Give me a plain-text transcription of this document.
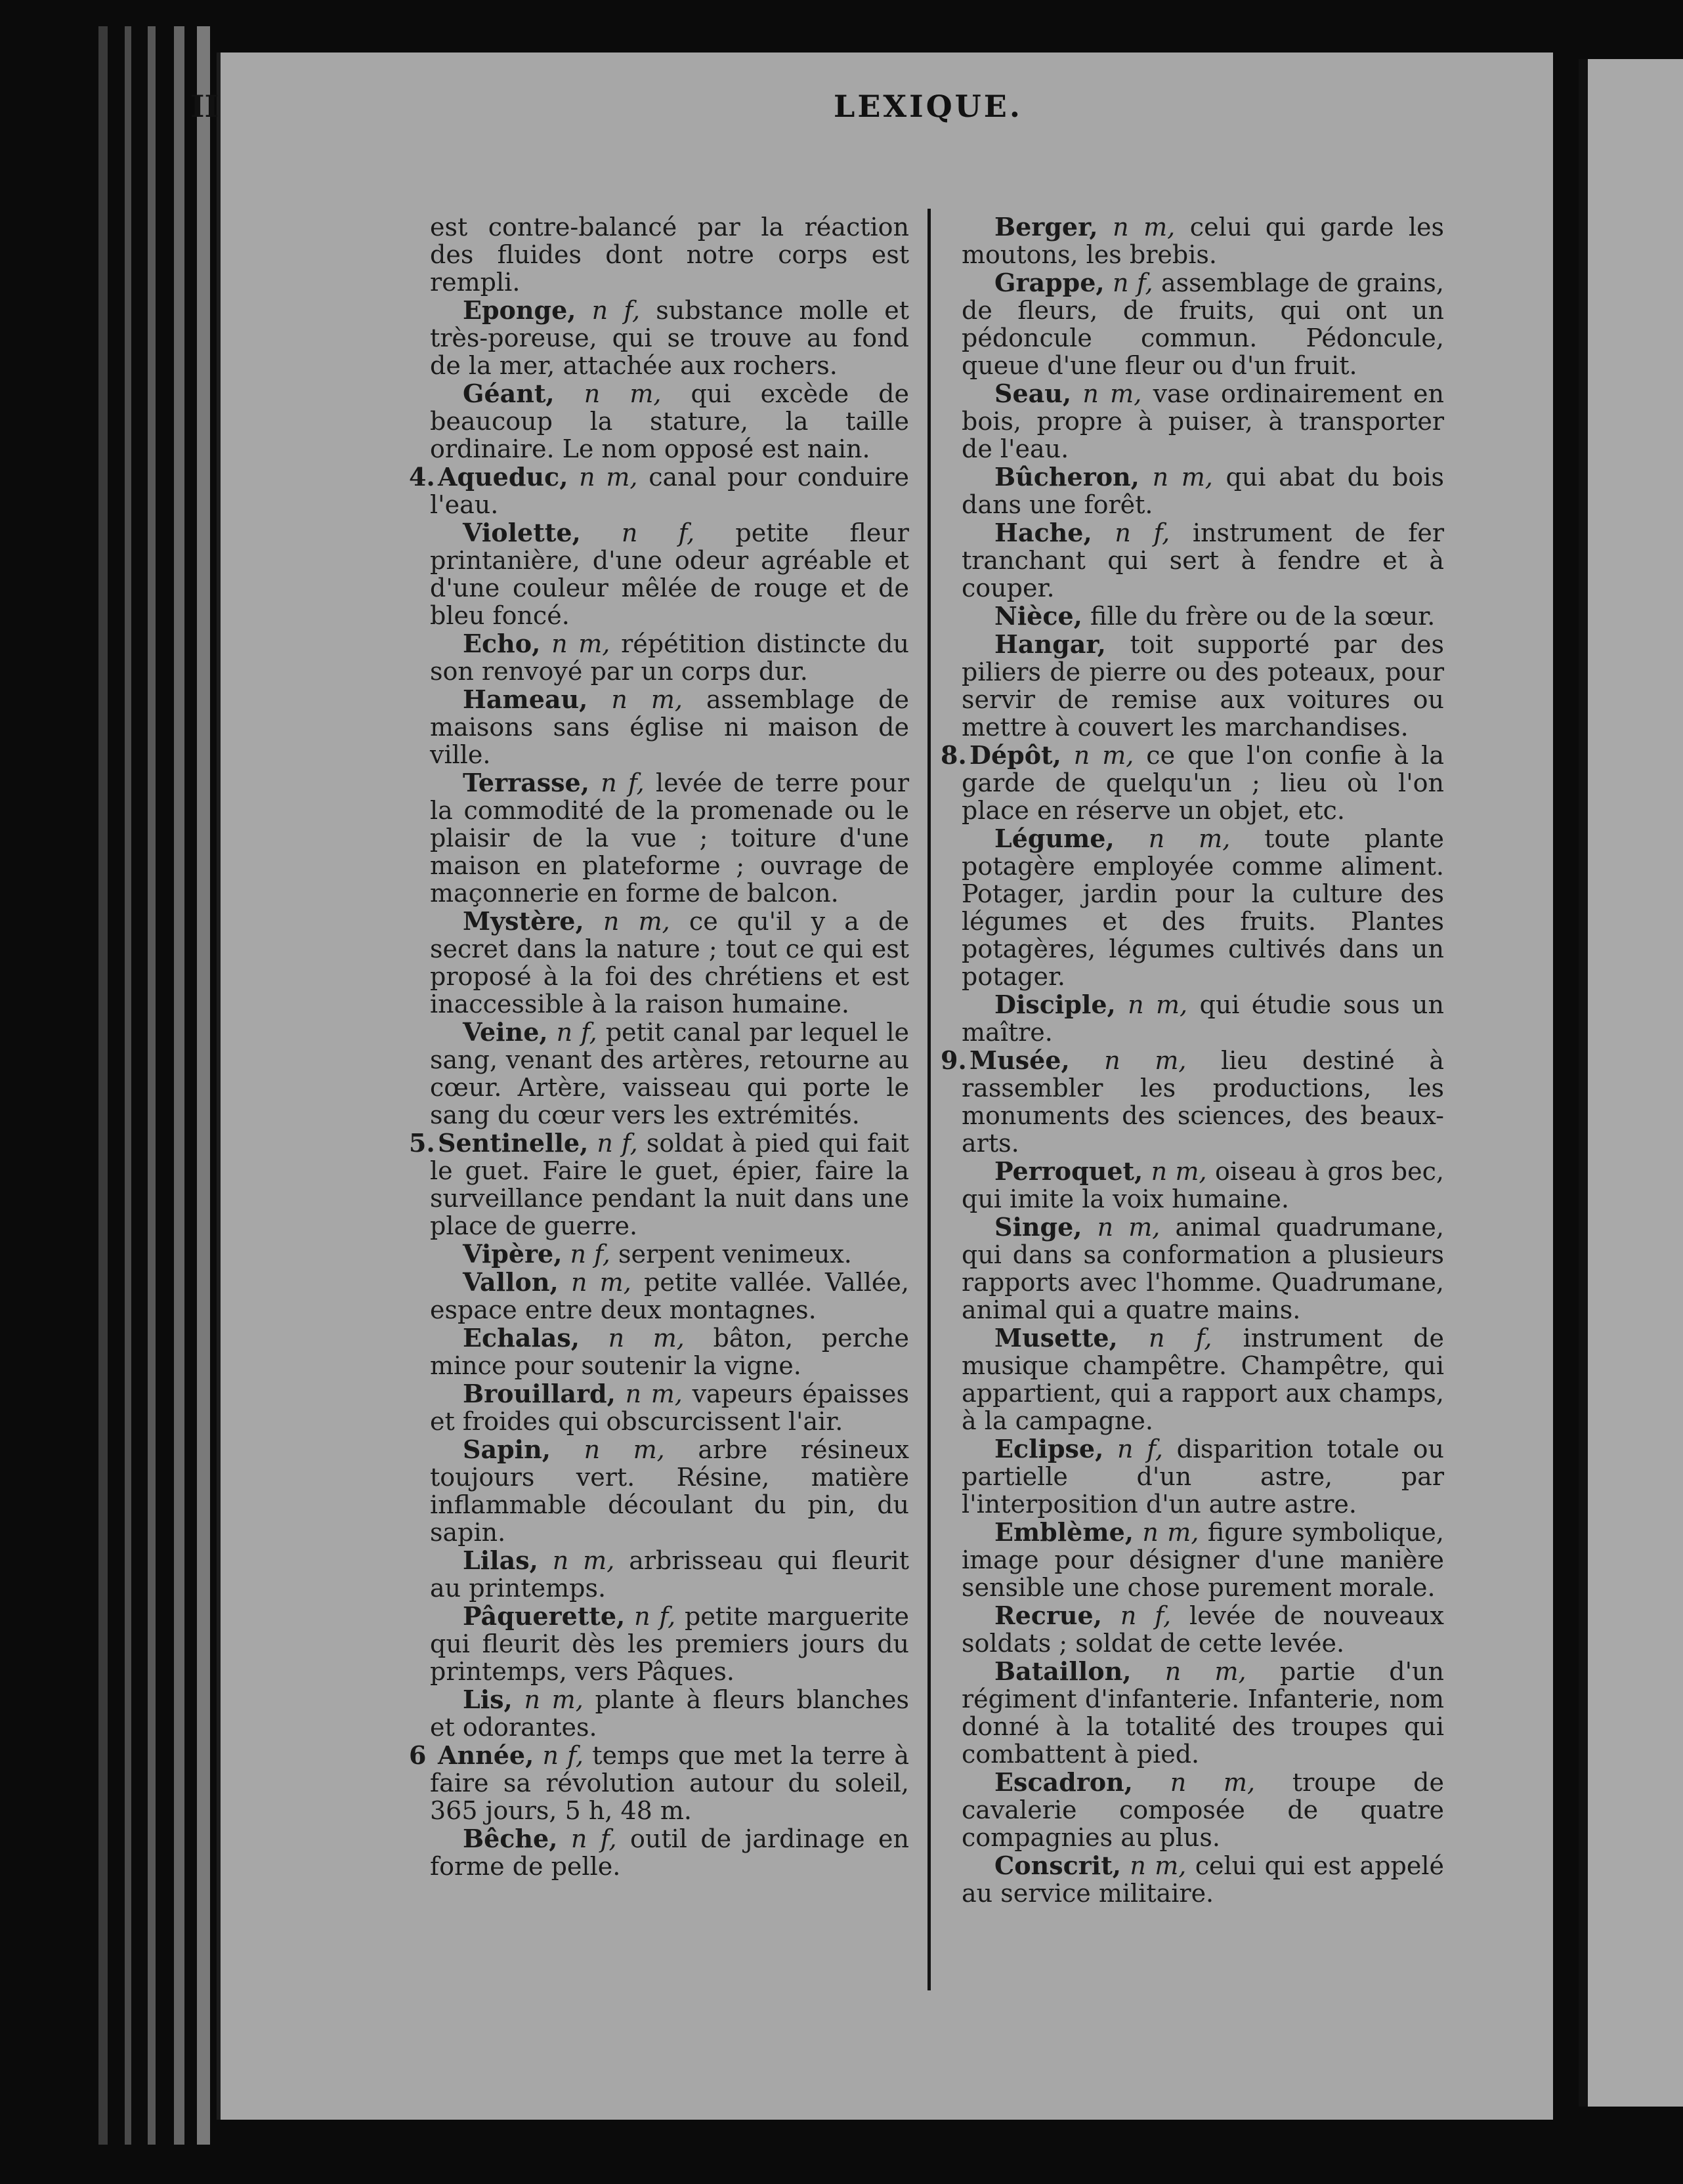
II	LEXIQUE.

est contre-balancé par la réaction des fluides dont notre corps est rempli.

Eponge, n f, substance molle et très-poreuse, qui se trouve au fond de la mer, attachée aux rochers.

Géant, n m, qui excède de beaucoup la stature, la taille ordinaire. Le nom opposé est nain.

4. Aqueduc, n m, canal pour conduire l'eau.

Violette, n f, petite fleur printanière, d'une odeur agréable et d'une couleur mêlée de rouge et de bleu foncé.

Echo, n m, répétition distincte du son renvoyé par un corps dur.

Hameau, n m, assemblage de maisons sans église ni maison de ville.

Terrasse, n f, levée de terre pour la commodité de la promenade ou le plaisir de la vue ; toiture d'une maison en plateforme ; ouvrage de maçonnerie en forme de balcon.

Mystère, n m, ce qu'il y a de secret dans la nature ; tout ce qui est proposé à la foi des chrétiens et est inaccessible à la raison humaine.

Veine, n f, petit canal par lequel le sang, venant des artères, retourne au cœur. Artère, vaisseau qui porte le sang du cœur vers les extrémités.

5. Sentinelle, n f, soldat à pied qui fait le guet. Faire le guet, épier, faire la surveillance pendant la nuit dans une place de guerre.

Vipère, n f, serpent venimeux.

Vallon, n m, petite vallée. Vallée, espace entre deux montagnes.

Echalas, n m, bâton, perche mince pour soutenir la vigne.

Brouillard, n m, vapeurs épaisses et froides qui obscurcissent l'air.

Sapin, n m, arbre résineux toujours vert. Résine, matière inflammable découlant du pin, du sapin.

Lilas, n m, arbrisseau qui fleurit au printemps.

Pâquerette, n f, petite marguerite qui fleurit dès les premiers jours du printemps, vers Pâques.

Lis, n m, plante à fleurs blanches et odorantes.

6 Année, n f, temps que met la terre à faire sa révolution autour du soleil, 365 jours, 5 h, 48 m.

Bêche, n f, outil de jardinage en forme de pelle.

Berger, n m, celui qui garde les moutons, les brebis.

Grappe, n f, assemblage de grains, de fleurs, de fruits, qui ont un pédoncule commun. Pédoncule, queue d'une fleur ou d'un fruit.

Seau, n m, vase ordinairement en bois, propre à puiser, à transporter de l'eau.

Bûcheron, n m, qui abat du bois dans une forêt.

Hache, n f, instrument de fer tranchant qui sert à fendre et à couper.

Nièce, fille du frère ou de la sœur.

Hangar, toit supporté par des piliers de pierre ou des poteaux, pour servir de remise aux voitures ou mettre à couvert les marchandises.

8. Dépôt, n m, ce que l'on confie à la garde de quelqu'un ; lieu où l'on place en réserve un objet, etc.

Légume, n m, toute plante potagère employée comme aliment. Potager, jardin pour la culture des légumes et des fruits. Plantes potagères, légumes cultivés dans un potager.

Disciple, n m, qui étudie sous un maître.

9. Musée, n m, lieu destiné à rassembler les productions, les monuments des sciences, des beaux-arts.

Perroquet, n m, oiseau à gros bec, qui imite la voix humaine.

Singe, n m, animal quadrumane, qui dans sa conformation a plusieurs rapports avec l'homme. Quadrumane, animal qui a quatre mains.

Musette, n f, instrument de musique champêtre. Champêtre, qui appartient, qui a rapport aux champs, à la campagne.

Eclipse, n f, disparition totale ou partielle d'un astre, par l'interposition d'un autre astre.

Emblème, n m, figure symbolique, image pour désigner d'une manière sensible une chose purement morale.

Recrue, n f, levée de nouveaux soldats ; soldat de cette levée.

Bataillon, n m, partie d'un régiment d'infanterie. Infanterie, nom donné à la totalité des troupes qui combattent à pied.

Escadron, n m, troupe de cavalerie composée de quatre compagnies au plus.

Conscrit, n m, celui qui est appelé au service militaire.
